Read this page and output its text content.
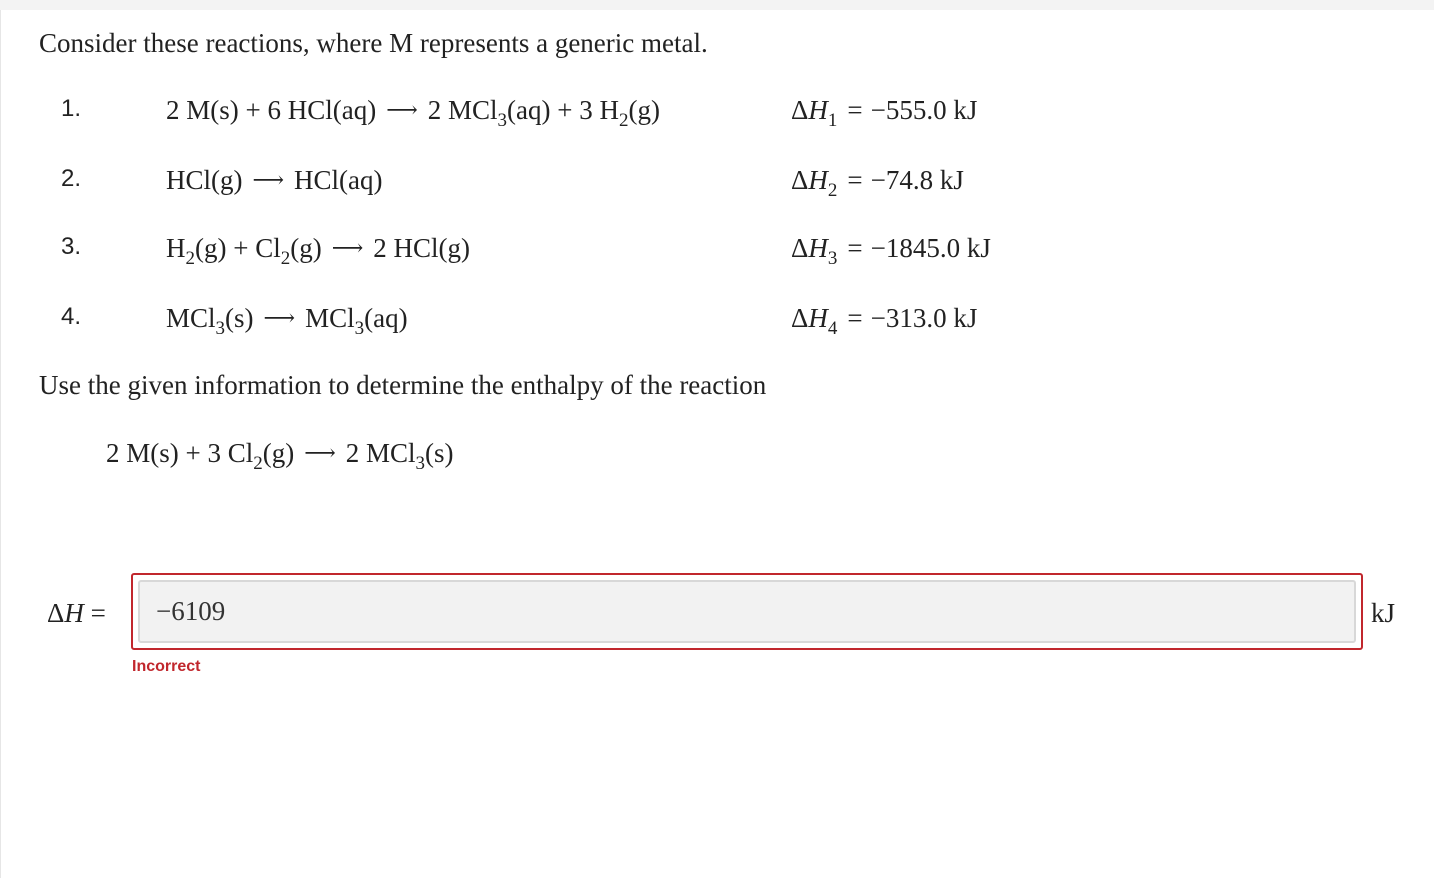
Consider these reactions, where M represents a generic metal.
1.	2 M(s) + 6 HCl(aq) ⟶ 2 MCl$_3$(aq) + 3 $H_2(g)$	$\Delta H_1 = -555.0$ kJ
2.	HCl(g) ⟶ HCl(aq)	$\Delta H_2 = -74.8$ kJ
3.	$H_2(g) + Cl_2(g)$ ⟶ 2 HCl(g)	$\Delta H_3 = -1845.0$ kJ
4.	MCl$_3$(s) ⟶ MCl$_3$(aq)	$\Delta H_4 = -313.0$ kJ
Use the given information to determine the enthalpy of the reaction
2 M(s) + 3 $Cl_2(g)$ ⟶ 2 MCl$_3$(s)
ΔH =	−6109	kJ
Incorrect
